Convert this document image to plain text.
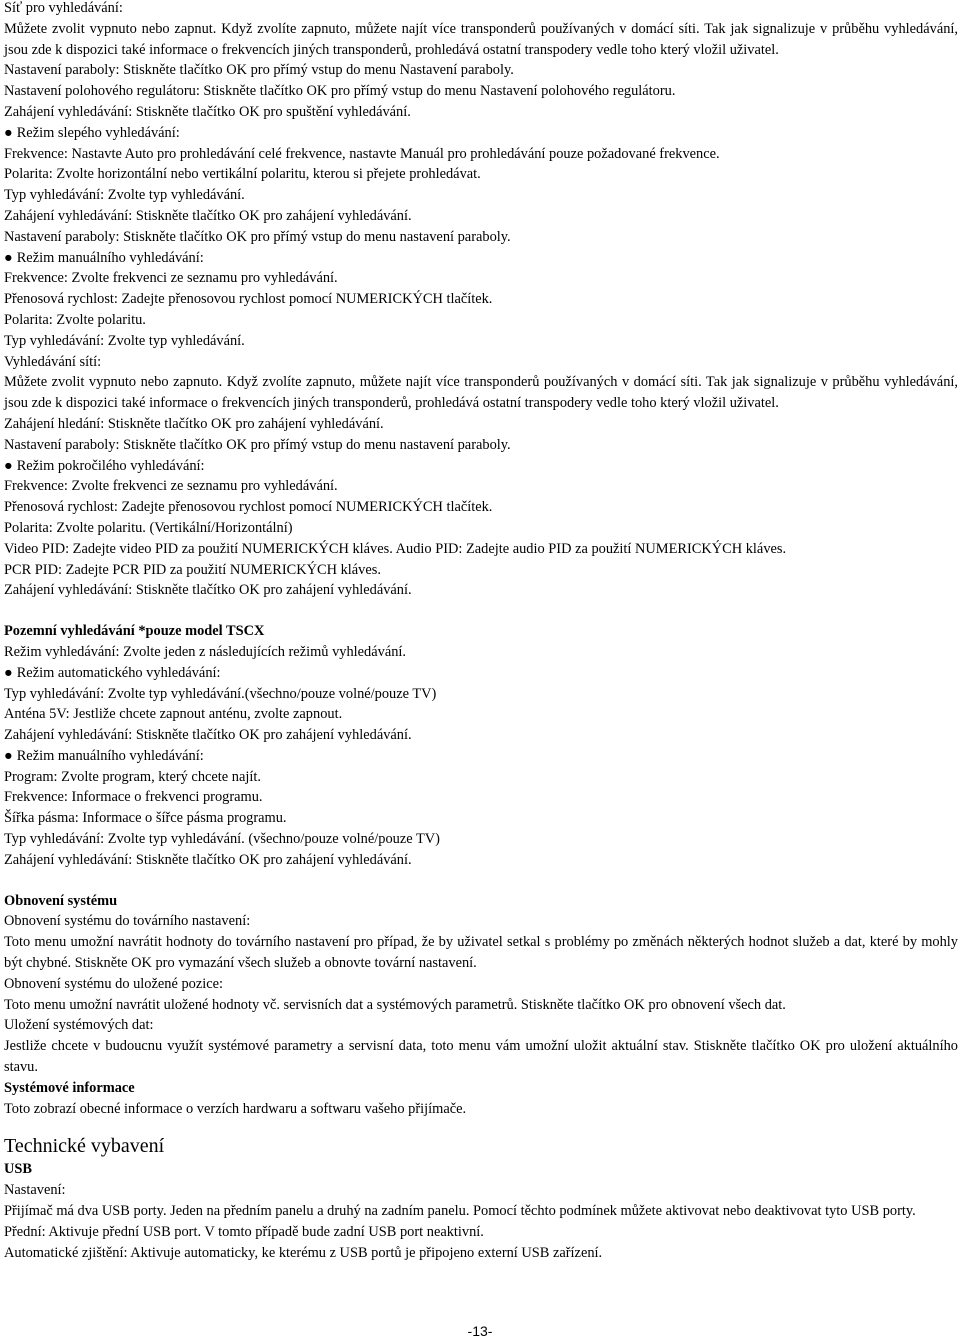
Síť pro vyhledávání:

Můžete zvolit vypnuto nebo zapnut. Když zvolíte zapnuto, můžete najít více transponderů používaných v domácí síti. Tak jak signalizuje v průběhu vyhledávání, jsou zde k dispozici také informace o frekvencích jiných transponderů, prohledává ostatní transpodery vedle toho který vložil uživatel.

Nastavení paraboly: Stiskněte tlačítko OK pro přímý vstup do menu Nastavení paraboly.

Nastavení polohového regulátoru: Stiskněte tlačítko OK pro přímý vstup do menu Nastavení polohového regulátoru.

Zahájení vyhledávání: Stiskněte tlačítko OK pro spuštění vyhledávání.

● Režim slepého vyhledávání:

Frekvence: Nastavte Auto pro prohledávání celé frekvence, nastavte Manuál pro prohledávání pouze požadované frekvence.

Polarita: Zvolte horizontální nebo vertikální polaritu, kterou si přejete prohledávat.

Typ vyhledávání: Zvolte typ vyhledávání.

Zahájení vyhledávání: Stiskněte tlačítko OK pro zahájení vyhledávání.

Nastavení paraboly: Stiskněte tlačítko OK pro přímý vstup do menu nastavení paraboly.

● Režim manuálního vyhledávání:

Frekvence: Zvolte frekvenci ze seznamu pro vyhledávání.

Přenosová rychlost: Zadejte přenosovou rychlost pomocí NUMERICKÝCH tlačítek.

Polarita: Zvolte polaritu.

Typ vyhledávání: Zvolte typ vyhledávání.

Vyhledávání sítí:

Můžete zvolit vypnuto nebo zapnuto. Když zvolíte zapnuto, můžete najít více transponderů používaných v domácí síti. Tak jak signalizuje v průběhu vyhledávání, jsou zde k dispozici také informace o frekvencích jiných transponderů, prohledává ostatní transpodery vedle toho který vložil uživatel.

Zahájení hledání: Stiskněte tlačítko OK pro zahájení vyhledávání.

Nastavení paraboly: Stiskněte tlačítko OK pro přímý vstup do menu nastavení paraboly.

● Režim pokročilého vyhledávání:

Frekvence: Zvolte frekvenci ze seznamu pro vyhledávání.

Přenosová rychlost: Zadejte přenosovou rychlost pomocí NUMERICKÝCH tlačítek.

Polarita: Zvolte polaritu. (Vertikální/Horizontální)

Video PID: Zadejte video PID za použití NUMERICKÝCH kláves. Audio PID: Zadejte audio PID za použití NUMERICKÝCH kláves.

PCR PID: Zadejte PCR PID za použití NUMERICKÝCH kláves.

Zahájení vyhledávání: Stiskněte tlačítko OK pro zahájení vyhledávání.

Pozemní vyhledávání *pouze model TSCX

Režim vyhledávání: Zvolte jeden z následujících režimů vyhledávání.

● Režim automatického vyhledávání:

Typ vyhledávání: Zvolte typ vyhledávání.(všechno/pouze volné/pouze TV)

Anténa 5V: Jestliže chcete zapnout anténu, zvolte zapnout.

Zahájení vyhledávání: Stiskněte tlačítko OK pro zahájení vyhledávání.

● Režim manuálního vyhledávání:

Program: Zvolte program, který chcete najít.

Frekvence: Informace o frekvenci programu.

Šířka pásma: Informace o šířce pásma programu.

Typ vyhledávání: Zvolte typ vyhledávání. (všechno/pouze volné/pouze TV)

Zahájení vyhledávání: Stiskněte tlačítko OK pro zahájení vyhledávání.

Obnovení systému

Obnovení systému do továrního nastavení:

Toto menu umožní navrátit hodnoty do továrního nastavení pro případ, že by uživatel setkal s problémy po změnách některých hodnot služeb a dat, které by mohly být chybné. Stiskněte OK pro vymazání všech služeb a obnovte tovární nastavení.

Obnovení systému do uložené pozice:

Toto menu umožní navrátit uložené hodnoty vč. servisních dat a systémových parametrů. Stiskněte tlačítko OK pro obnovení všech dat.

Uložení systémových dat:

Jestliže chcete v budoucnu využít systémové parametry a servisní data, toto menu vám umožní uložit aktuální stav. Stiskněte tlačítko OK pro uložení aktuálního stavu.

Systémové informace

Toto zobrazí obecné informace o verzích hardwaru a softwaru vašeho přijímače.

Technické vybavení

USB

Nastavení:

Přijímač má dva USB porty. Jeden na předním panelu a druhý na zadním panelu. Pomocí těchto podmínek můžete aktivovat nebo deaktivovat tyto USB porty.

Přední: Aktivuje přední USB port. V tomto případě bude zadní USB port neaktivní.

Automatické zjištění: Aktivuje automaticky, ke kterému z USB portů je připojeno externí USB zařízení.

-13-
